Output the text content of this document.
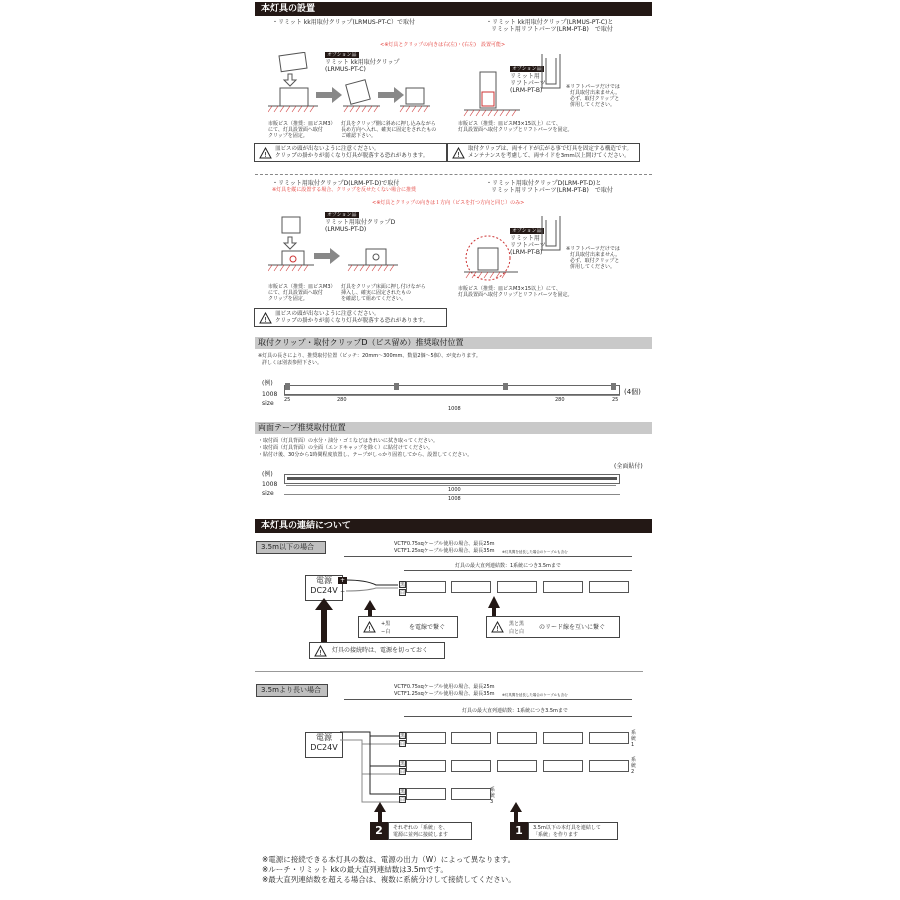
本灯具の設置
・リミット kk用取付クリップ(LRMUS-PT-C）で取付
<※灯具とクリップの向きは右(左)・(右左)　設置可能>
オプション品
リミット kk用取付クリップ
(LRMUS-PT-C)
市販ビス（推奨：皿ビスM3）
にて、灯具設置面へ取付
クリップを固定。
灯具をクリップ側に斜めに押し込みながら
長め方向へ入れ、確実に固定をされたもの
ご確認下さい。
・リミット kk用取付クリップ(LRMUS-PT-C)と
リミット用リフトパーツ(LRM-PT-B)　で取付
オプション品
リミット用
リフトパーツ
(LRM-PT-B)	※リフトパーツだけでは
灯具取付出来ません。
必ず、取付クリップと
併用してください。
市販ビス（推奨：皿ビスM3×15以上）にて、
灯具設置面へ取付クリップとリフトパーツを固定。
!
皿ビスの頭が出ないように注意ください。
クリップの掛かりが弱くなり灯具が脱落する恐れがあります。	!
取付クリップは、両サイドが広がる事で灯具を固定する構造です。
メンテナンスを考慮して、両サイドを3mm以上開けてください。
・リミット用取付クリップD(LRM-PT-D)で取付
※灯具を縦に設置する場合、クリップを反せたくない場合に推奨
<※灯具とクリップの向きは１方向（ビスを打つ方向と同じ）のみ>
オプション品
リミット用取付クリップD
(LRMUS-PT-D)
市販ビス（推奨：皿ビスM3）
にて、灯具設置面へ取付
クリップを固定。
灯具をクリップ床面に押し付けながら
挿入し、確実に固定されたもの
を確認して組めてください。
・リミット用取付クリップD(LRM-PT-D)と
リミット用リフトパーツ(LRM-PT-B)　で取付
オプション品
リミット用
リフトパーツ
(LRM-PT-B)	※リフトパーツだけでは
灯具取付出来ません。
必ず、取付クリップと
併用してください。
市販ビス（推奨：皿ビスM3×15以上）にて、
灯具設置面へ取付クリップとリフトパーツを固定。
!
皿ビスの頭が出ないように注意ください。
クリップの掛かりが弱くなり灯具が脱落する恐れがあります。
取付クリップ・取付クリップD（ビス留め）推奨取付位置
※灯具の長さにより、推奨取付位置（ピッチ：20mm〜300mm、数量2個〜5個）、が変わります。
詳しくは別表参照下さい。
(例)
1008
size 25	280	280	25
1008
(4個)
両面テープ推奨取付位置
・取付面（灯具背面）の水分・油分・ゴミなどはきれいに拭き取ってください。
・取付面（灯具背面）の全面（エンドキャップを除く）に貼付けてください。
・貼付け後、30分から1時間程度放置し、テープがしっかり固着してから、設置してください。
(例)
1008
size
(全面貼付)
1000
1008
本灯具の連結について
3.5m以下の場合	VCTF0.75sqケーブル使用の場合、最長25m
VCTF1.25sqケーブル使用の場合、最長35m ※灯具間を延長した場合のケーブルも含む
灯具の最大直列連結数：1系統につき3.5mまで
電源
DC24V
+
−
黒
白
!
+黒
−白
を電線で繋ぐ	!
黒と黒
白と白
のリード線を互いに繋ぐ
! 灯具の接続時は、電源を切っておく
3.5mより長い場合	VCTF0.75sqケーブル使用の場合、最長25m
VCTF1.25sqケーブル使用の場合、最長35m ※灯具間を延長した場合のケーブルも含む
灯具の最大直列連結数：1系統につき3.5mまで
電源
DC24V
黒
白
系統1
黒
白
系統2
黒
白
系統3
2	それぞれの「系統」を、
電源に並列に接続します	1	3.5m以下の本灯具を連結して
「系統」を作ります
※電源に接続できる本灯具の数は、電源の出力（W）によって異なります。
※ルーチ・リミット kkの最大直列連結数は3.5mです。
※最大直列連結数を超える場合は、複数に系統分けして接続してください。
